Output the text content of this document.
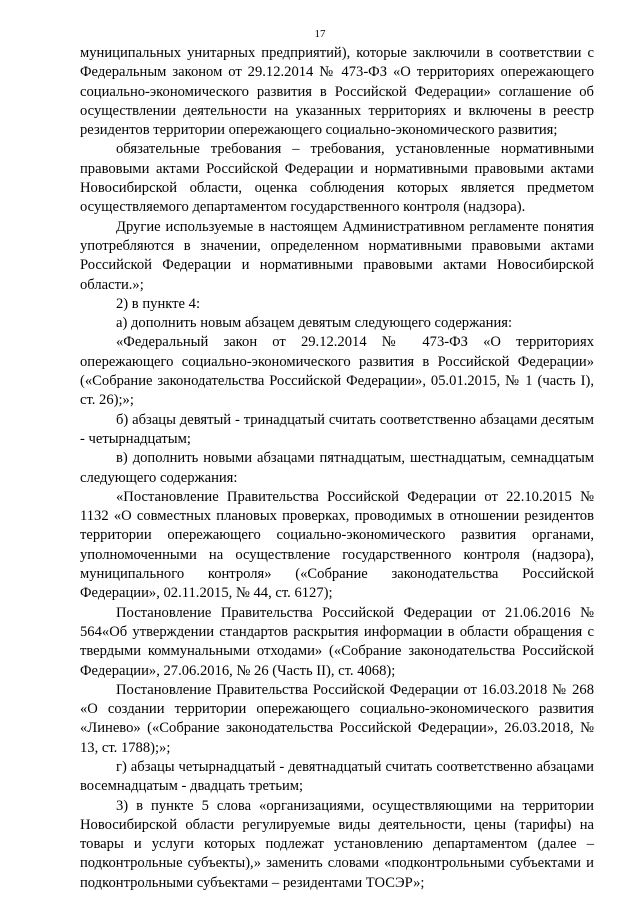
17

муниципальных унитарных предприятий), которые заключили в соответствии с Федеральным законом от 29.12.2014 № 473-ФЗ «О территориях опережающего социально-экономического развития в Российской Федерации» соглашение об осуществлении деятельности на указанных территориях и включены в реестр резидентов территории опережающего социально-экономического развития;

обязательные требования – требования, установленные нормативными правовыми актами Российской Федерации и нормативными правовыми актами Новосибирской области, оценка соблюдения которых является предметом осуществляемого департаментом государственного контроля (надзора).

Другие используемые в настоящем Административном регламенте понятия употребляются в значении, определенном нормативными правовыми актами Российской Федерации и нормативными правовыми актами Новосибирской области.»;

2) в пункте 4:

а) дополнить новым абзацем девятым следующего содержания:

«Федеральный закон от 29.12.2014 № 473-ФЗ «О территориях опережающего социально-экономического развития в Российской Федерации» («Собрание законодательства Российской Федерации», 05.01.2015, № 1 (часть I), ст. 26);»;

б) абзацы девятый - тринадцатый считать соответственно абзацами десятым - четырнадцатым;

в) дополнить новыми абзацами пятнадцатым, шестнадцатым, семнадцатым следующего содержания:

«Постановление Правительства Российской Федерации от 22.10.2015 № 1132 «О совместных плановых проверках, проводимых в отношении резидентов территории опережающего социально-экономического развития органами, уполномоченными на осуществление государственного контроля (надзора), муниципального контроля» («Собрание законодательства Российской Федерации», 02.11.2015, № 44, ст. 6127);

Постановление Правительства Российской Федерации от 21.06.2016 № 564«Об утверждении стандартов раскрытия информации в области обращения с твердыми коммунальными отходами» («Собрание законодательства Российской Федерации», 27.06.2016, № 26 (Часть II), ст. 4068);

Постановление Правительства Российской Федерации от 16.03.2018 № 268 «О создании территории опережающего социально-экономического развития «Линево» («Собрание законодательства Российской Федерации», 26.03.2018, № 13, ст. 1788);»;

г) абзацы четырнадцатый - девятнадцатый считать соответственно абзацами восемнадцатым - двадцать третьим;

3) в пункте 5 слова «организациями, осуществляющими на территории Новосибирской области регулируемые виды деятельности, цены (тарифы) на товары и услуги которых подлежат установлению департаментом (далее – подконтрольные субъекты),» заменить словами «подконтрольными субъектами и подконтрольными субъектами – резидентами ТОСЭР»;
